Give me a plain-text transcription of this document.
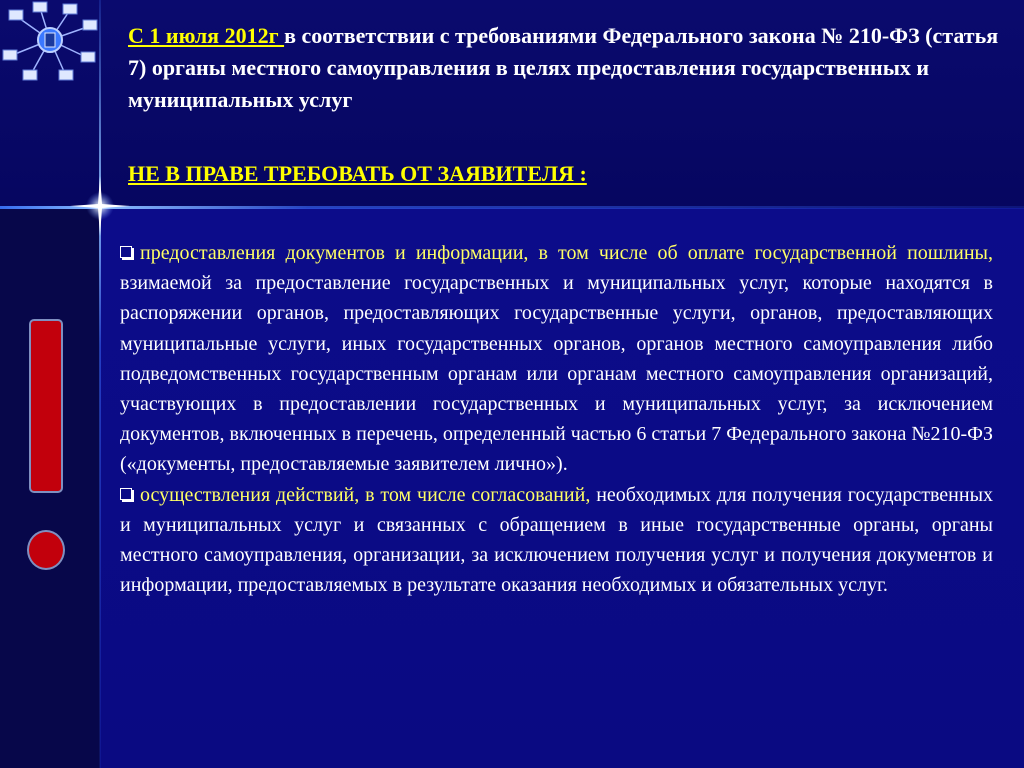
С 1 июля 2012г в соответствии с требованиями Федерального закона № 210-ФЗ (статья 7) органы местного самоуправления в целях предоставления государственных и муниципальных услуг
НЕ В ПРАВЕ ТРЕБОВАТЬ ОТ ЗАЯВИТЕЛЯ :

предоставления документов и информации, в том числе об оплате государственной пошлины, взимаемой за предоставление государственных и муниципальных услуг, которые находятся в распоряжении органов, предоставляющих государственные услуги, органов, предоставляющих муниципальные услуги, иных государственных органов, органов местного самоуправления либо подведомственных государственным органам или органам местного самоуправления организаций, участвующих в предоставлении государственных и муниципальных услуг, за исключением документов, включенных в перечень, определенный частью 6 статьи 7 Федерального закона №210-ФЗ («документы, предоставляемые заявителем лично»).

осуществления действий, в том числе согласований, необходимых для получения государственных и муниципальных услуг и связанных с обращением в иные государственные органы, органы местного самоуправления, организации, за исключением получения услуг и получения документов и информации, предоставляемых в результате оказания необходимых и обязательных услуг.
